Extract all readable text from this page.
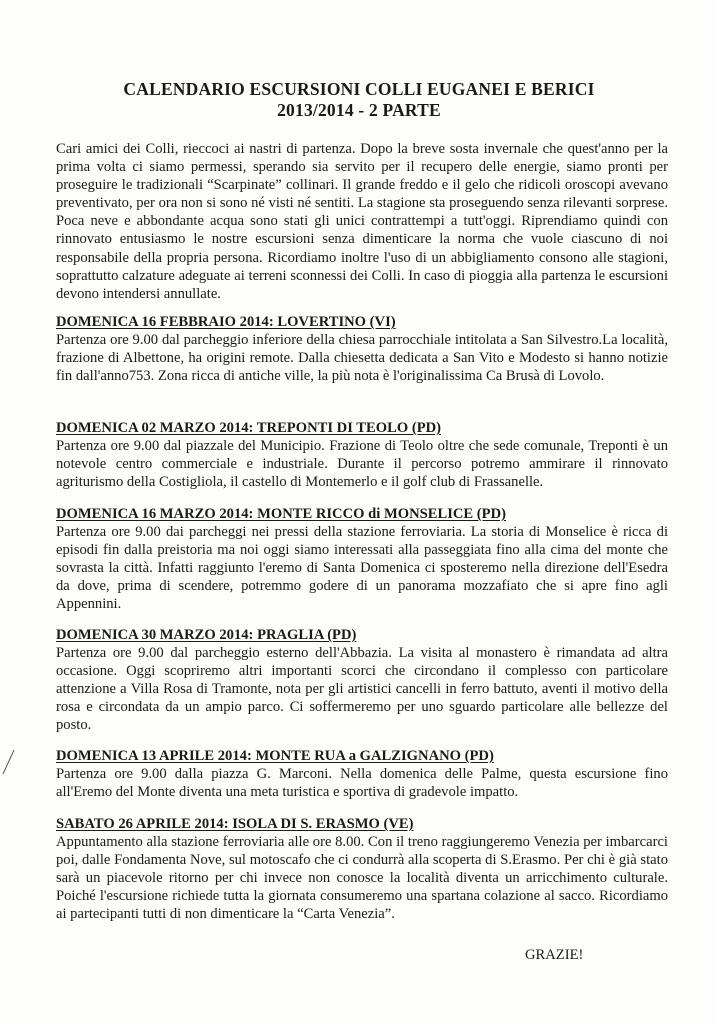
CALENDARIO ESCURSIONI COLLI EUGANEI E BERICI
2013/2014 - 2 PARTE

Cari amici dei Colli, rieccoci ai nastri di partenza. Dopo la breve sosta invernale che quest'anno per la prima volta ci siamo permessi, sperando sia servito per il recupero delle energie, siamo pronti per proseguire le tradizionali “Scarpinate” collinari. Il grande freddo e il gelo che ridicoli oroscopi avevano preventivato, per ora non si sono né visti né sentiti. La stagione sta proseguendo senza rilevanti sorprese. Poca neve e abbondante acqua sono stati gli unici contrattempi a tutt'oggi. Riprendiamo quindi con rinnovato entusiasmo le nostre escursioni senza dimenticare la norma che vuole ciascuno di noi responsabile della propria persona. Ricordiamo inoltre l'uso di un abbigliamento consono alle stagioni, soprattutto calzature adeguate ai terreni sconnessi dei Colli. In caso di pioggia alla partenza le escursioni devono intendersi annullate.

DOMENICA 16 FEBBRAIO 2014: LOVERTINO (VI)

Partenza ore 9.00 dal parcheggio inferiore della chiesa parrocchiale intitolata a San Silvestro.La località, frazione di Albettone, ha origini remote. Dalla chiesetta dedicata a San Vito e Modesto si hanno notizie fin dall'anno753. Zona ricca di antiche ville, la più nota è l'originalissima Ca Brusà di Lovolo.

DOMENICA 02 MARZO 2014: TREPONTI DI TEOLO (PD)

Partenza ore 9.00 dal piazzale del Municipio. Frazione di Teolo oltre che sede comunale, Treponti è un notevole centro commerciale e industriale. Durante il percorso potremo ammirare il rinnovato agriturismo della Costigliola, il castello di Montemerlo e il golf club di Frassanelle.

DOMENICA 16 MARZO 2014: MONTE RICCO di MONSELICE (PD)

Partenza ore 9.00 dai parcheggi nei pressi della stazione ferroviaria. La storia di Monselice è ricca di episodi fin dalla preistoria ma noi oggi siamo interessati alla passeggiata fino alla cima del monte che sovrasta la città. Infatti raggiunto l'eremo di Santa Domenica ci sposteremo nella direzione dell'Esedra da dove, prima di scendere, potremmo godere di un panorama mozzafiato che si apre fino agli Appennini.

DOMENICA 30 MARZO 2014: PRAGLIA (PD)

Partenza ore 9.00 dal parcheggio esterno dell'Abbazia. La visita al monastero è rimandata ad altra occasione. Oggi scopriremo altri importanti scorci che circondano il complesso con particolare attenzione a Villa Rosa di Tramonte, nota per gli artistici cancelli in ferro battuto, aventi il motivo della rosa e circondata da un ampio parco. Ci soffermeremo per uno sguardo particolare alle bellezze del posto.

DOMENICA 13 APRILE 2014: MONTE RUA a GALZIGNANO (PD)

Partenza ore 9.00 dalla piazza G. Marconi. Nella domenica delle Palme, questa escursione fino all'Eremo del Monte diventa una meta turistica e sportiva di gradevole impatto.

SABATO 26 APRILE 2014: ISOLA DI S. ERASMO (VE)

Appuntamento alla stazione ferroviaria alle ore 8.00. Con il treno raggiungeremo Venezia per imbarcarci poi, dalle Fondamenta Nove, sul motoscafo che ci condurrà alla scoperta di S.Erasmo. Per chi è già stato sarà un piacevole ritorno per chi invece non conosce la località diventa un arricchimento culturale. Poiché l'escursione richiede tutta la giornata consumeremo una spartana colazione al sacco. Ricordiamo ai partecipanti tutti di non dimenticare la “Carta Venezia”.

GRAZIE!
